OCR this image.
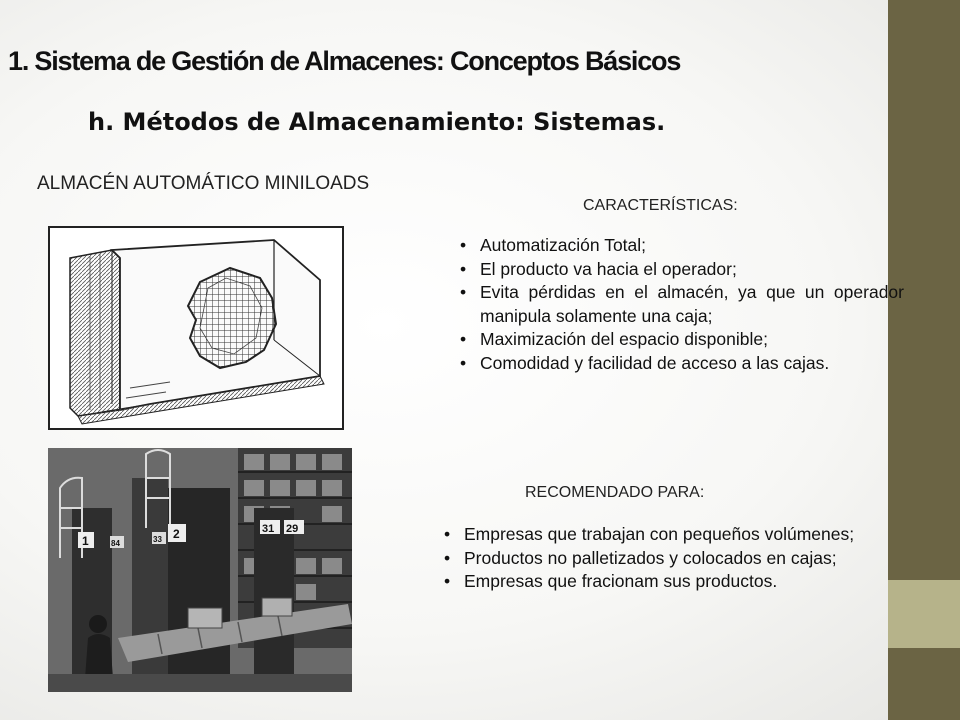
1. Sistema de Gestión de Almacenes: Conceptos Básicos
h. Métodos de Almacenamiento: Sistemas.
ALMACÉN AUTOMÁTICO MINILOADS
1	84	33 2	31 29
CARACTERÍSTICAS:
• Automatización Total;
• El producto va hacia el operador;
• Evita pérdidas en el almacén, ya que un operador manipula solamente una caja;
• Maximización del espacio disponible;
• Comodidad y facilidad de acceso a las cajas.
RECOMENDADO PARA:
• Empresas que trabajan con pequeños volúmenes;
• Productos no palletizados y colocados en cajas;
• Empresas que fracionam sus productos.
